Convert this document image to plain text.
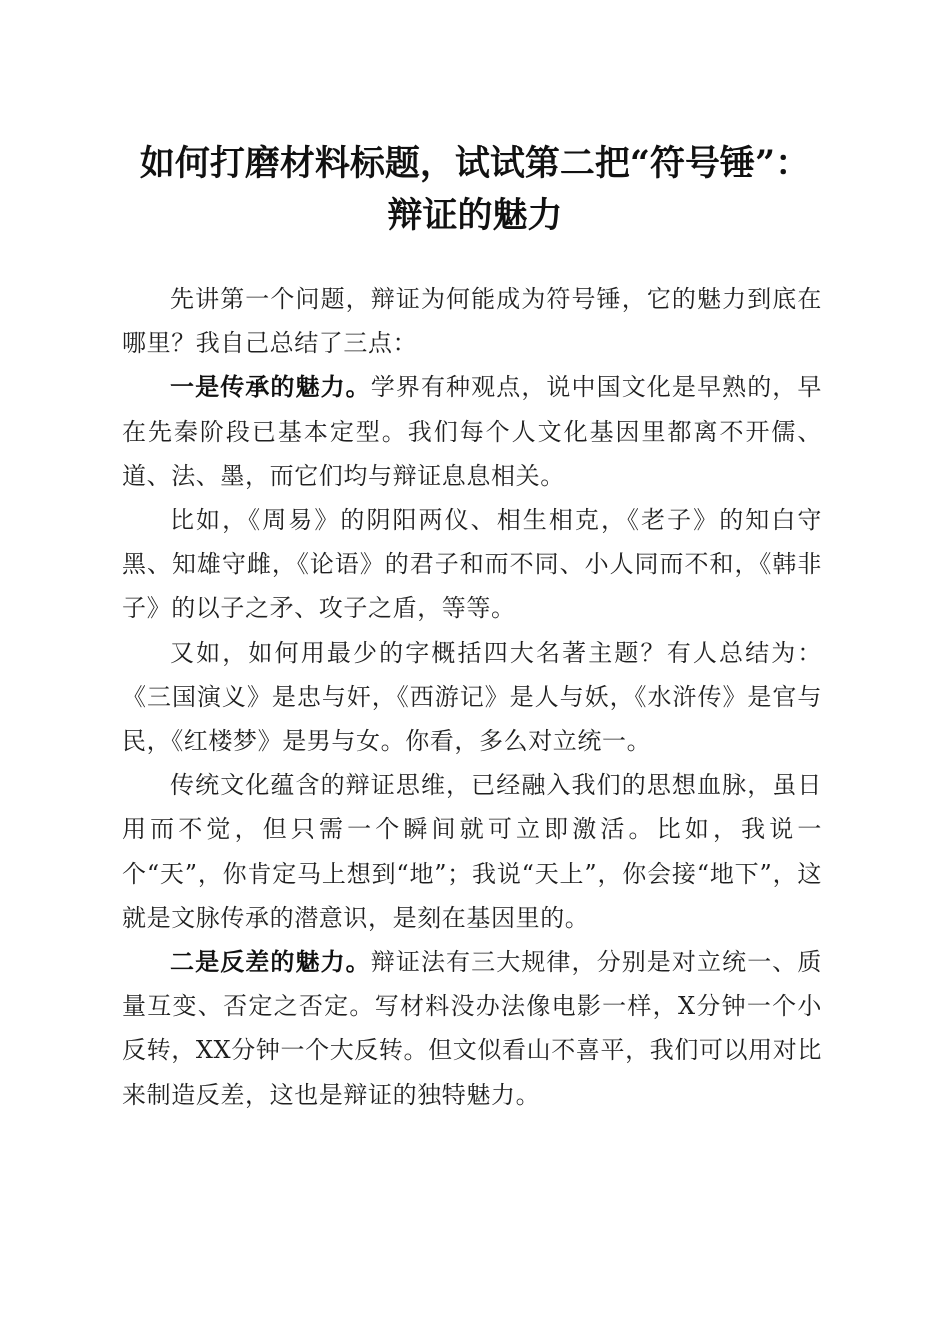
如何打磨材料标题，试试第二把“符号锤”：
辩证的魅力

先讲第一个问题，辩证为何能成为符号锤，它的魅力到底在哪里？我自己总结了三点：

一是传承的魅力。学界有种观点，说中国文化是早熟的，早在先秦阶段已基本定型。我们每个人文化基因里都离不开儒、道、法、墨，而它们均与辩证息息相关。

比如，《周易》的阴阳两仪、相生相克，《老子》的知白守黑、知雄守雌，《论语》的君子和而不同、小人同而不和，《韩非子》的以子之矛、攻子之盾，等等。

又如，如何用最少的字概括四大名著主题？有人总结为：《三国演义》是忠与奸，《西游记》是人与妖，《水浒传》是官与民，《红楼梦》是男与女。你看，多么对立统一。

传统文化蕴含的辩证思维，已经融入我们的思想血脉，虽日用而不觉，但只需一个瞬间就可立即激活。比如，我说一个“天”，你肯定马上想到“地”；我说“天上”，你会接“地下”，这就是文脉传承的潜意识，是刻在基因里的。

二是反差的魅力。辩证法有三大规律，分别是对立统一、质量互变、否定之否定。写材料没办法像电影一样，X分钟一个小反转，XX分钟一个大反转。但文似看山不喜平，我们可以用对比来制造反差，这也是辩证的独特魅力。
